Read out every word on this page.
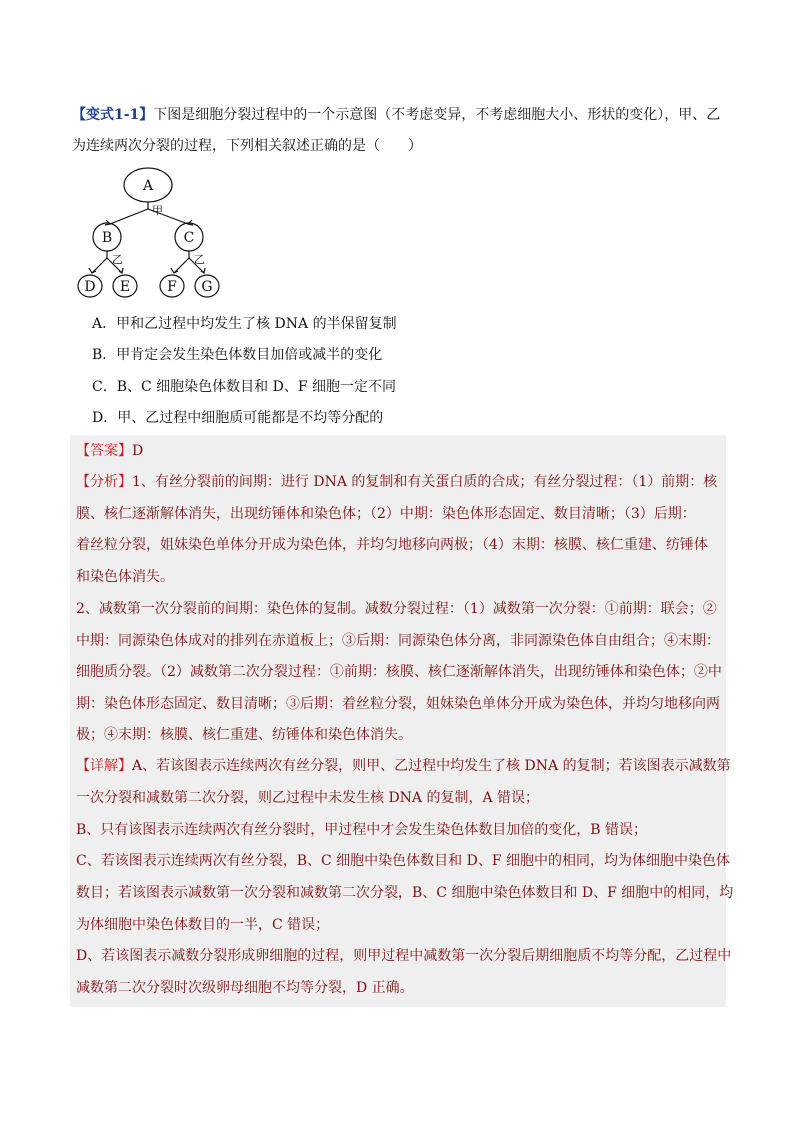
【变式1-1】下图是细胞分裂过程中的一个示意图（不考虑变异，不考虑细胞大小、形状的变化），甲、乙
为连续两次分裂的过程，下列相关叙述正确的是（　　）
A
B	C
D E	F G
甲
乙	乙
A．甲和乙过程中均发生了核 DNA 的半保留复制
B．甲肯定会发生染色体数目加倍或减半的变化
C．B、C 细胞染色体数目和 D、F 细胞一定不同
D．甲、乙过程中细胞质可能都是不均等分配的
【答案】D
【分析】1、有丝分裂前的间期：进行 DNA 的复制和有关蛋白质的合成；有丝分裂过程：（1）前期：核
膜、核仁逐渐解体消失，出现纺锤体和染色体；（2）中期：染色体形态固定、数目清晰；（3）后期：
着丝粒分裂，姐妹染色单体分开成为染色体，并均匀地移向两极；（4）末期：核膜、核仁重建、纺锤体
和染色体消失。
2、减数第一次分裂前的间期：染色体的复制。减数分裂过程：（1）减数第一次分裂：①前期：联会；②
中期：同源染色体成对的排列在赤道板上；③后期：同源染色体分离，非同源染色体自由组合；④末期：
细胞质分裂。（2）减数第二次分裂过程：①前期：核膜、核仁逐渐解体消失，出现纺锤体和染色体；②中
期：染色体形态固定、数目清晰；③后期：着丝粒分裂，姐妹染色单体分开成为染色体，并均匀地移向两
极；④末期：核膜、核仁重建、纺锤体和染色体消失。
【详解】A、若该图表示连续两次有丝分裂，则甲、乙过程中均发生了核 DNA 的复制；若该图表示减数第
一次分裂和减数第二次分裂，则乙过程中未发生核 DNA 的复制，A 错误；
B、只有该图表示连续两次有丝分裂时，甲过程中才会发生染色体数目加倍的变化，B 错误；
C、若该图表示连续两次有丝分裂，B、C 细胞中染色体数目和 D、F 细胞中的相同，均为体细胞中染色体
数目；若该图表示减数第一次分裂和减数第二次分裂，B、C 细胞中染色体数目和 D、F 细胞中的相同，均
为体细胞中染色体数目的一半，C 错误；
D、若该图表示减数分裂形成卵细胞的过程，则甲过程中减数第一次分裂后期细胞质不均等分配，乙过程中
减数第二次分裂时次级卵母细胞不均等分裂，D 正确。
